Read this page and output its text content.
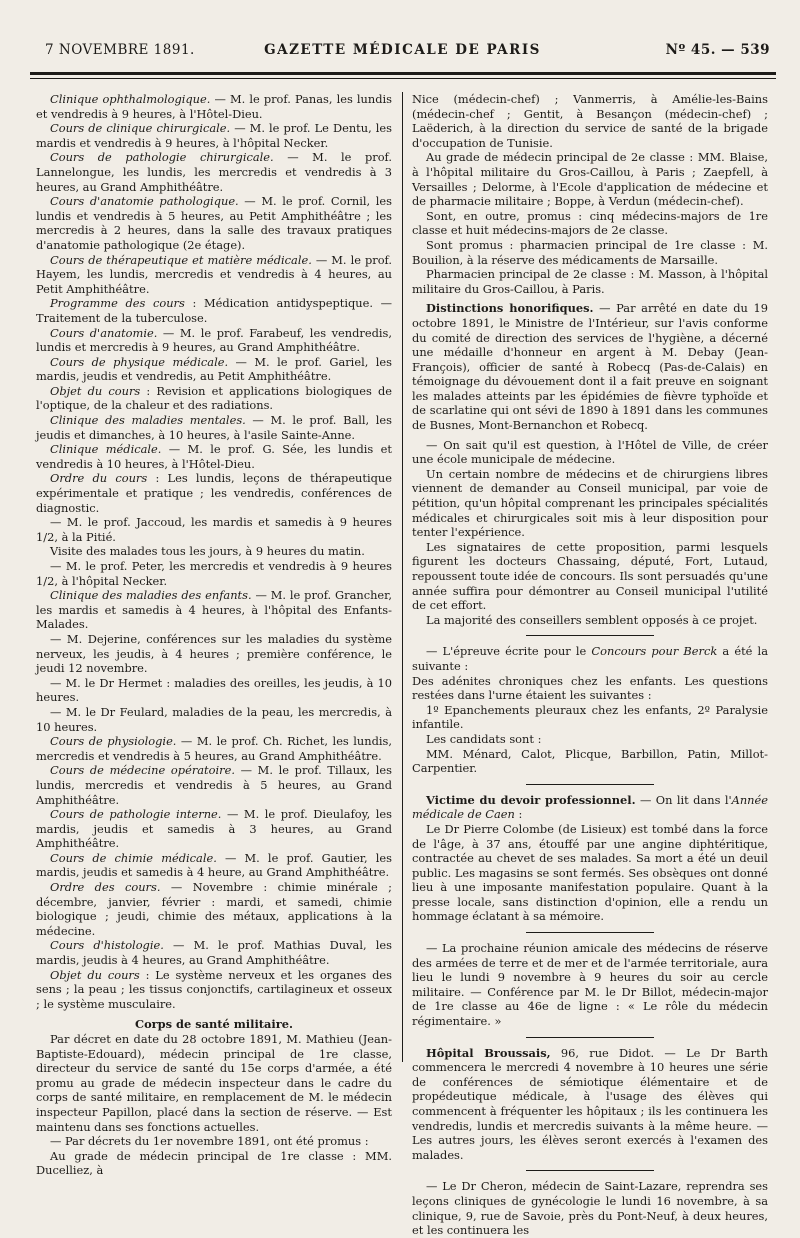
7 NOVEMBRE 1891.	GAZETTE MÉDICALE DE PARIS	Nº 45. — 539

Clinique ophthalmologique. — M. le prof. Panas, les lundis et vendredis à 9 heures, à l'Hôtel-Dieu.

Cours de clinique chirurgicale. — M. le prof. Le Dentu, les mardis et vendredis à 9 heures, à l'hôpital Necker.

Cours de pathologie chirurgicale. — M. le prof. Lannelongue, les lundis, les mercredis et vendredis à 3 heures, au Grand Amphithéâtre.

Cours d'anatomie pathologique. — M. le prof. Cornil, les lundis et vendredis à 5 heures, au Petit Amphithéâtre ; les mercredis à 2 heures, dans la salle des travaux pratiques d'anatomie pathologique (2e étage).

Cours de thérapeutique et matière médicale. — M. le prof. Hayem, les lundis, mercredis et vendredis à 4 heures, au Petit Amphithéâtre.

Programme des cours : Médication antidyspeptique. — Traitement de la tuberculose.

Cours d'anatomie. — M. le prof. Farabeuf, les vendredis, lundis et mercredis à 9 heures, au Grand Amphithéâtre.

Cours de physique médicale. — M. le prof. Gariel, les mardis, jeudis et vendredis, au Petit Amphithéâtre.

Objet du cours : Revision et applications biologiques de l'optique, de la chaleur et des radiations.

Clinique des maladies mentales. — M. le prof. Ball, les jeudis et dimanches, à 10 heures, à l'asile Sainte-Anne.

Clinique médicale. — M. le prof. G. Sée, les lundis et vendredis à 10 heures, à l'Hôtel-Dieu.

Ordre du cours : Les lundis, leçons de thérapeutique expérimentale et pratique ; les vendredis, conférences de diagnostic.

— M. le prof. Jaccoud, les mardis et samedis à 9 heures 1/2, à la Pitié.

Visite des malades tous les jours, à 9 heures du matin.

— M. le prof. Peter, les mercredis et vendredis à 9 heures 1/2, à l'hôpital Necker.

Clinique des maladies des enfants. — M. le prof. Grancher, les mardis et samedis à 4 heures, à l'hôpital des Enfants-Malades.

— M. Dejerine, conférences sur les maladies du système nerveux, les jeudis, à 4 heures ; première conférence, le jeudi 12 novembre.

— M. le Dr Hermet : maladies des oreilles, les jeudis, à 10 heures.

— M. le Dr Feulard, maladies de la peau, les mercredis, à 10 heures.

Cours de physiologie. — M. le prof. Ch. Richet, les lundis, mercredis et vendredis à 5 heures, au Grand Amphithéâtre.

Cours de médecine opératoire. — M. le prof. Tillaux, les lundis, mercredis et vendredis à 5 heures, au Grand Amphithéâtre.

Cours de pathologie interne. — M. le prof. Dieulafoy, les mardis, jeudis et samedis à 3 heures, au Grand Amphithéâtre.

Cours de chimie médicale. — M. le prof. Gautier, les mardis, jeudis et samedis à 4 heure, au Grand Amphithéâtre.

Ordre des cours. — Novembre : chimie minérale ; décembre, janvier, février : mardi, et samedi, chimie biologique ; jeudi, chimie des métaux, applications à la médecine.

Cours d'histologie. — M. le prof. Mathias Duval, les mardis, jeudis à 4 heures, au Grand Amphithéâtre.

Objet du cours : Le système nerveux et les organes des sens ; la peau ; les tissus conjonctifs, cartilagineux et osseux ; le système musculaire.

Corps de santé militaire.

Par décret en date du 28 octobre 1891, M. Mathieu (Jean-Baptiste-Edouard), médecin principal de 1re classe, directeur du service de santé du 15e corps d'armée, a été promu au grade de médecin inspecteur dans le cadre du corps de santé militaire, en remplacement de M. le médecin inspecteur Papillon, placé dans la section de réserve. — Est maintenu dans ses fonctions actuelles.

— Par décrets du 1er novembre 1891, ont été promus :

Au grade de médecin principal de 1re classe : MM. Ducelliez, à

Nice (médecin-chef) ; Vanmerris, à Amélie-les-Bains (médecin-chef ; Gentit, à Besançon (médecin-chef) ; Laëderich, à la direction du service de santé de la brigade d'occupation de Tunisie.

Au grade de médecin principal de 2e classe : MM. Blaise, à l'hôpital militaire du Gros-Caillou, à Paris ; Zaepfell, à Versailles ; Delorme, à l'Ecole d'application de médecine et de pharmacie militaire ; Boppe, à Verdun (médecin-chef).

Sont, en outre, promus : cinq médecins-majors de 1re classe et huit médecins-majors de 2e classe.

Sont promus : pharmacien principal de 1re classe : M. Bouilion, à la réserve des médicaments de Marsaille.

Pharmacien principal de 2e classe : M. Masson, à l'hôpital militaire du Gros-Caillou, à Paris.

Distinctions honorifiques. — Par arrêté en date du 19 octobre 1891, le Ministre de l'Intérieur, sur l'avis conforme du comité de direction des services de l'hygiène, a décerné une médaille d'honneur en argent à M. Debay (Jean-François), officier de santé à Robecq (Pas-de-Calais) en témoignage du dévouement dont il a fait preuve en soignant les malades atteints par les épidémies de fièvre typhoïde et de scarlatine qui ont sévi de 1890 à 1891 dans les communes de Busnes, Mont-Bernanchon et Robecq.

— On sait qu'il est question, à l'Hôtel de Ville, de créer une école municipale de médecine.

Un certain nombre de médecins et de chirurgiens libres viennent de demander au Conseil municipal, par voie de pétition, qu'un hôpital comprenant les principales spécialités médicales et chirurgicales soit mis à leur disposition pour tenter l'expérience.

Les signataires de cette proposition, parmi lesquels figurent les docteurs Chassaing, député, Fort, Lutaud, repoussent toute idée de concours. Ils sont persuadés qu'une année suffira pour démontrer au Conseil municipal l'utilité de cet effort.

La majorité des conseillers semblent opposés à ce projet.

— L'épreuve écrite pour le Concours pour Berck a été la suivante :

Des adénites chroniques chez les enfants. Les questions restées dans l'urne étaient les suivantes :

1º Epanchements pleuraux chez les enfants, 2º Paralysie infantile.

Les candidats sont :

MM. Ménard, Calot, Plicque, Barbillon, Patin, Millot-Carpentier.

Victime du devoir professionnel. — On lit dans l'Année médicale de Caen :

Le Dr Pierre Colombe (de Lisieux) est tombé dans la force de l'âge, à 37 ans, étouffé par une angine diphtéritique, contractée au chevet de ses malades. Sa mort a été un deuil public. Les magasins se sont fermés. Ses obsèques ont donné lieu à une imposante manifestation populaire. Quant à la presse locale, sans distinction d'opinion, elle a rendu un hommage éclatant à sa mémoire.

— La prochaine réunion amicale des médecins de réserve des armées de terre et de mer et de l'armée territoriale, aura lieu le lundi 9 novembre à 9 heures du soir au cercle militaire. — Conférence par M. le Dr Billot, médecin-major de 1re classe au 46e de ligne : « Le rôle du médecin régimentaire. »

Hôpital Broussais, 96, rue Didot. — Le Dr Barth commencera le mercredi 4 novembre à 10 heures une série de conférences de sémiotique élémentaire et de propédeutique médicale, à l'usage des élèves qui commencent à fréquenter les hôpitaux ; ils les continuera les vendredis, lundis et mercredis suivants à la même heure. — Les autres jours, les élèves seront exercés à l'examen des malades.

— Le Dr Cheron, médecin de Saint-Lazare, reprendra ses leçons cliniques de gynécologie le lundi 16 novembre, à sa clinique, 9, rue de Savoie, près du Pont-Neuf, à deux heures, et les continuera les
